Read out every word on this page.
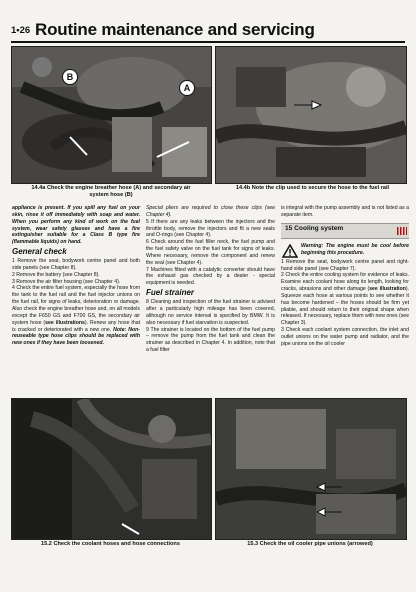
1•26 Routine maintenance and servicing
B
A
14.4a Check the engine breather hose (A) and secondary air system hose (B)
14.4b Note the clip used to secure the hose to the fuel rail

appliance is present. If you spill any fuel on your skin, rinse it off immediately with soap and water. When you perform any kind of work on the fuel system, wear safety glasses and have a fire extinguisher suitable for a Class B type fire (flammable liquids) on hand.

General check

1 Remove the seat, bodywork centre panel and both side panels (see Chapter 8).

2 Remove the battery (see Chapter 8).

3 Remove the air filter housing (see Chapter 4).

4 Check the entire fuel system, especially the hose from the tank to the fuel rail and the fuel injector unions on the fuel rail, for signs of leaks, deterioration or damage. Also check the engine breather hose and, on all models except the F650 GS and F700 GS, the secondary air system hose (see illustrations). Renew any hose that is cracked or deteriorated with a new one. Note: Non-reuseable type hose clips should be replaced with new ones if they have been loosened.

Special pliers are required to close these clips (see Chapter 4).

5 If there are any leaks between the injectors and the throttle body, remove the injectors and fit a new seals and O-rings (see Chapter 4).

6 Check around the fuel filler neck, the fuel pump and the fuel safety valve on the fuel tank for signs of leaks. Where necessary, remove the component and renew the seal (see Chapter 4).

7 Machines fitted with a catalytic converter should have the exhaust gas checked by a dealer - special equipment is needed.

Fuel strainer

8 Cleaning and inspection of the fuel strainer is advised after a particularly high mileage has been covered, although no service interval is specified by BMW. It is also necessary if fuel starvation is suspected.

9 The strainer is located on the bottom of the fuel pump – remove the pump from the fuel tank and clean the strainer as described in Chapter 4. In addition, note that a fuel filter

is integral with the pump assembly and is not listed as a separate item.

15 Cooling system

Warning: The engine must be cool before beginning this procedure.

1 Remove the seat, bodywork centre panel and right-hand side panel (see Chapter 7).

2 Check the entire cooling system for evidence of leaks. Examine each coolant hose along its length, looking for cracks, abrasions and other damage (see illustration). Squeeze each hose at various points to see whether it has become hardened – the hoses should be firm yet pliable, and should return to their original shape when released. If necessary, replace them with new ones (see Chapter 3).

3 Check each coolant system connection, the inlet and outlet unions on the water pump and radiator, and the pipe unions on the oil cooler

15.2 Check the coolant hoses and hose connections	15.3 Check the oil cooler pipe unions (arrowed)
